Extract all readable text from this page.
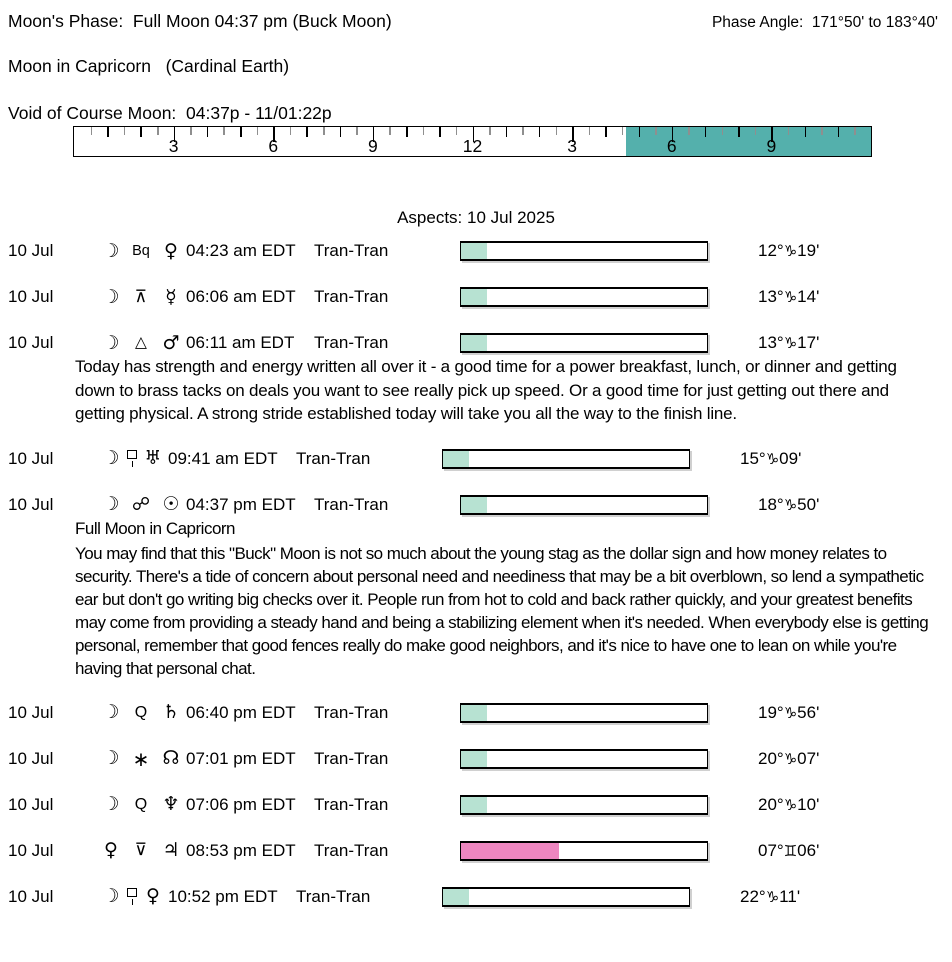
Moon's Phase:  Full Moon 04:37 pm (Buck Moon)	Phase Angle:  171°50' to 183°40'
Moon in Capricorn   (Cardinal Earth)
Void of Course Moon:  04:37p - 11/01:22p
3	6	9	12	3	6	9
Aspects: 10 Jul 2025
10 Jul	☽ Bq ♀ 04:23 am EDT	Tran-Tran	12°♑19'
10 Jul	☽ ⊼ ☿ 06:06 am EDT	Tran-Tran	13°♑14'
10 Jul	☽	△ ♂ 06:11 am EDT	Tran-Tran	13°♑17'
Today has strength and energy written all over it - a good time for a power breakfast, lunch, or dinner and getting down to brass tacks on deals you want to see really pick up speed. Or a good time for just getting out there and getting physical. A strong stride established today will take you all the way to the finish line.
10 Jul	☽	♅ 09:41 am EDT	Tran-Tran	15°♑09'
10 Jul	☽ ☍ ☉ 04:37 pm EDT	Tran-Tran	18°♑50'
Full Moon in Capricorn
You may find that this "Buck" Moon is not so much about the young stag as the dollar sign and how money relates to security. There's a tide of concern about personal need and neediness that may be a bit overblown, so lend a sympathetic ear but don't go writing big checks over it. People run from hot to cold and back rather quickly, and your greatest benefits may come from providing a steady hand and being a stabilizing element when it's needed. When everybody else is getting personal, remember that good fences really do make good neighbors, and it's nice to have one to lean on while you're having that personal chat.
10 Jul	☽ Q ♄ 06:40 pm EDT	Tran-Tran	19°♑56'
10 Jul	☽ ∗ ☊ 07:01 pm EDT	Tran-Tran	20°♑07'
10 Jul	☽ Q ♆ 07:06 pm EDT	Tran-Tran	20°♑10'
10 Jul	♀ ⊽ ♃ 08:53 pm EDT	Tran-Tran	07°♊06'
10 Jul	☽	♀ 10:52 pm EDT	Tran-Tran	22°♑11'
